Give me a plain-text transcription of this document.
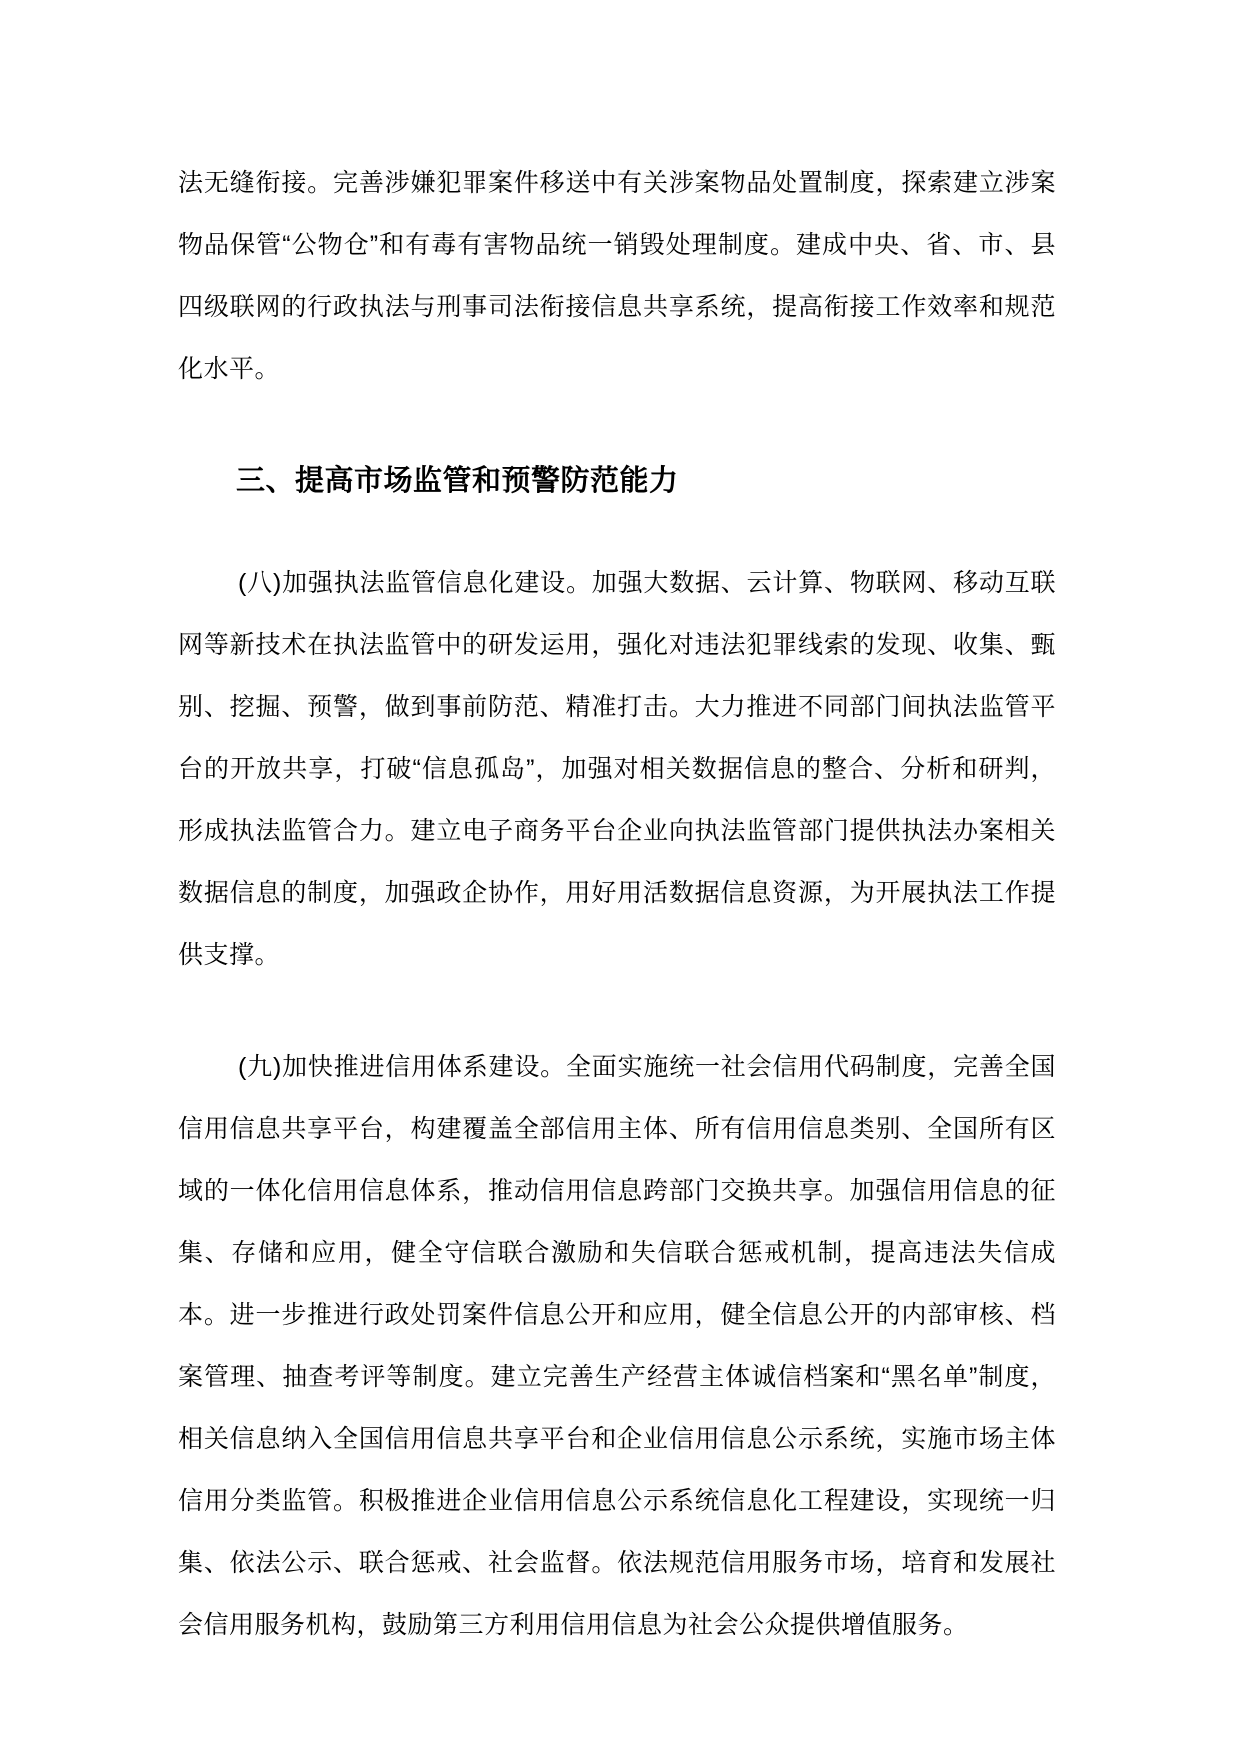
法无缝衔接。完善涉嫌犯罪案件移送中有关涉案物品处置制度，探索建立涉案物品保管“公物仓”和有毒有害物品统一销毁处理制度。建成中央、省、市、县四级联网的行政执法与刑事司法衔接信息共享系统，提高衔接工作效率和规范化水平。

三、提高市场监管和预警防范能力

(八)加强执法监管信息化建设。加强大数据、云计算、物联网、移动互联网等新技术在执法监管中的研发运用，强化对违法犯罪线索的发现、收集、甄别、挖掘、预警，做到事前防范、精准打击。大力推进不同部门间执法监管平台的开放共享，打破“信息孤岛”，加强对相关数据信息的整合、分析和研判，形成执法监管合力。建立电子商务平台企业向执法监管部门提供执法办案相关数据信息的制度，加强政企协作，用好用活数据信息资源，为开展执法工作提供支撑。

(九)加快推进信用体系建设。全面实施统一社会信用代码制度，完善全国信用信息共享平台，构建覆盖全部信用主体、所有信用信息类别、全国所有区域的一体化信用信息体系，推动信用信息跨部门交换共享。加强信用信息的征集、存储和应用，健全守信联合激励和失信联合惩戒机制，提高违法失信成本。进一步推进行政处罚案件信息公开和应用，健全信息公开的内部审核、档案管理、抽查考评等制度。建立完善生产经营主体诚信档案和“黑名单”制度，相关信息纳入全国信用信息共享平台和企业信用信息公示系统，实施市场主体信用分类监管。积极推进企业信用信息公示系统信息化工程建设，实现统一归集、依法公示、联合惩戒、社会监督。依法规范信用服务市场，培育和发展社会信用服务机构，鼓励第三方利用信用信息为社会公众提供增值服务。
